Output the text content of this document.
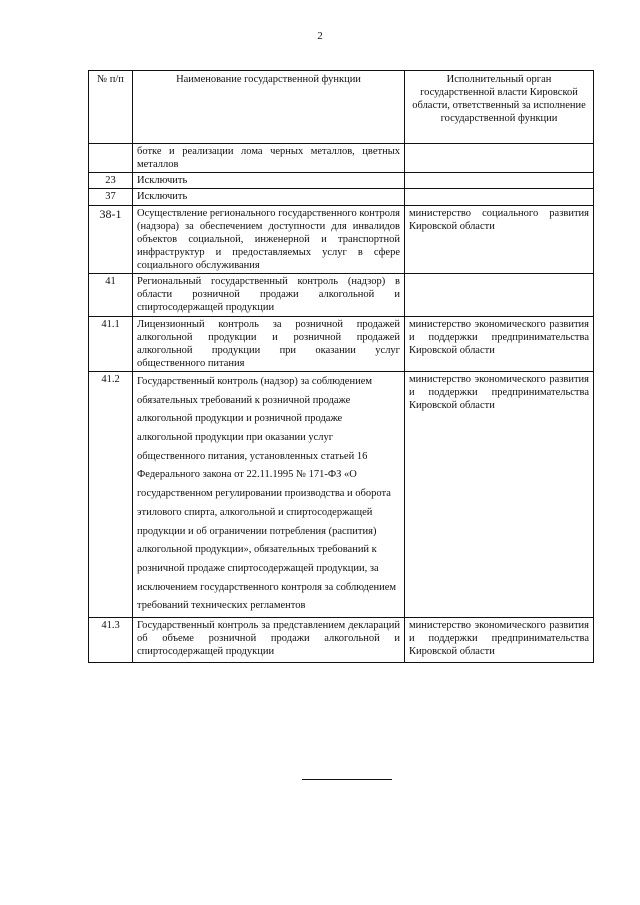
2
№ п/п	Наименование государственной функции	Исполнительный орган государственной власти Кировской области, ответственный за исполнение государственной функции
	ботке и реализации лома черных металлов, цветных металлов	
23	Исключить	
37	Исключить	
38-1	Осуществление регионального государственного контроля (надзора) за обеспечением доступности для инвалидов объектов социальной, инженерной и транспортной инфраструктур и предоставляемых услуг в сфере социального обслуживания	министерство социального развития Кировской области
41	Региональный государственный контроль (надзор) в области розничной продажи алкогольной и спиртосодержащей продукции	
41.1	Лицензионный контроль за розничной продажей алкогольной продукции и розничной продажей алкогольной продукции при оказании услуг общественного питания	министерство экономического развития и поддержки предпринимательства Кировской области
41.2	Государственный контроль (надзор) за соблюдением обязательных требований к розничной продаже алкогольной продукции и розничной продаже алкогольной продукции при оказании услуг общественного питания, установленных статьей 16 Федерального закона от 22.11.1995 № 171-ФЗ «О государственном регулировании производства и оборота этилового спирта, алкогольной и спиртосодержащей продукции и об ограничении потребления (распития) алкогольной продукции», обязательных требований к розничной продаже спиртосодержащей продукции, за исключением государственного контроля за соблюдением требований технических регламентов	министерство экономического развития и поддержки предпринимательства Кировской области
41.3	Государственный контроль за представлением деклараций об объеме розничной продажи алкогольной и спиртосодержащей продукции	министерство экономического развития и поддержки предпринимательства Кировской области
